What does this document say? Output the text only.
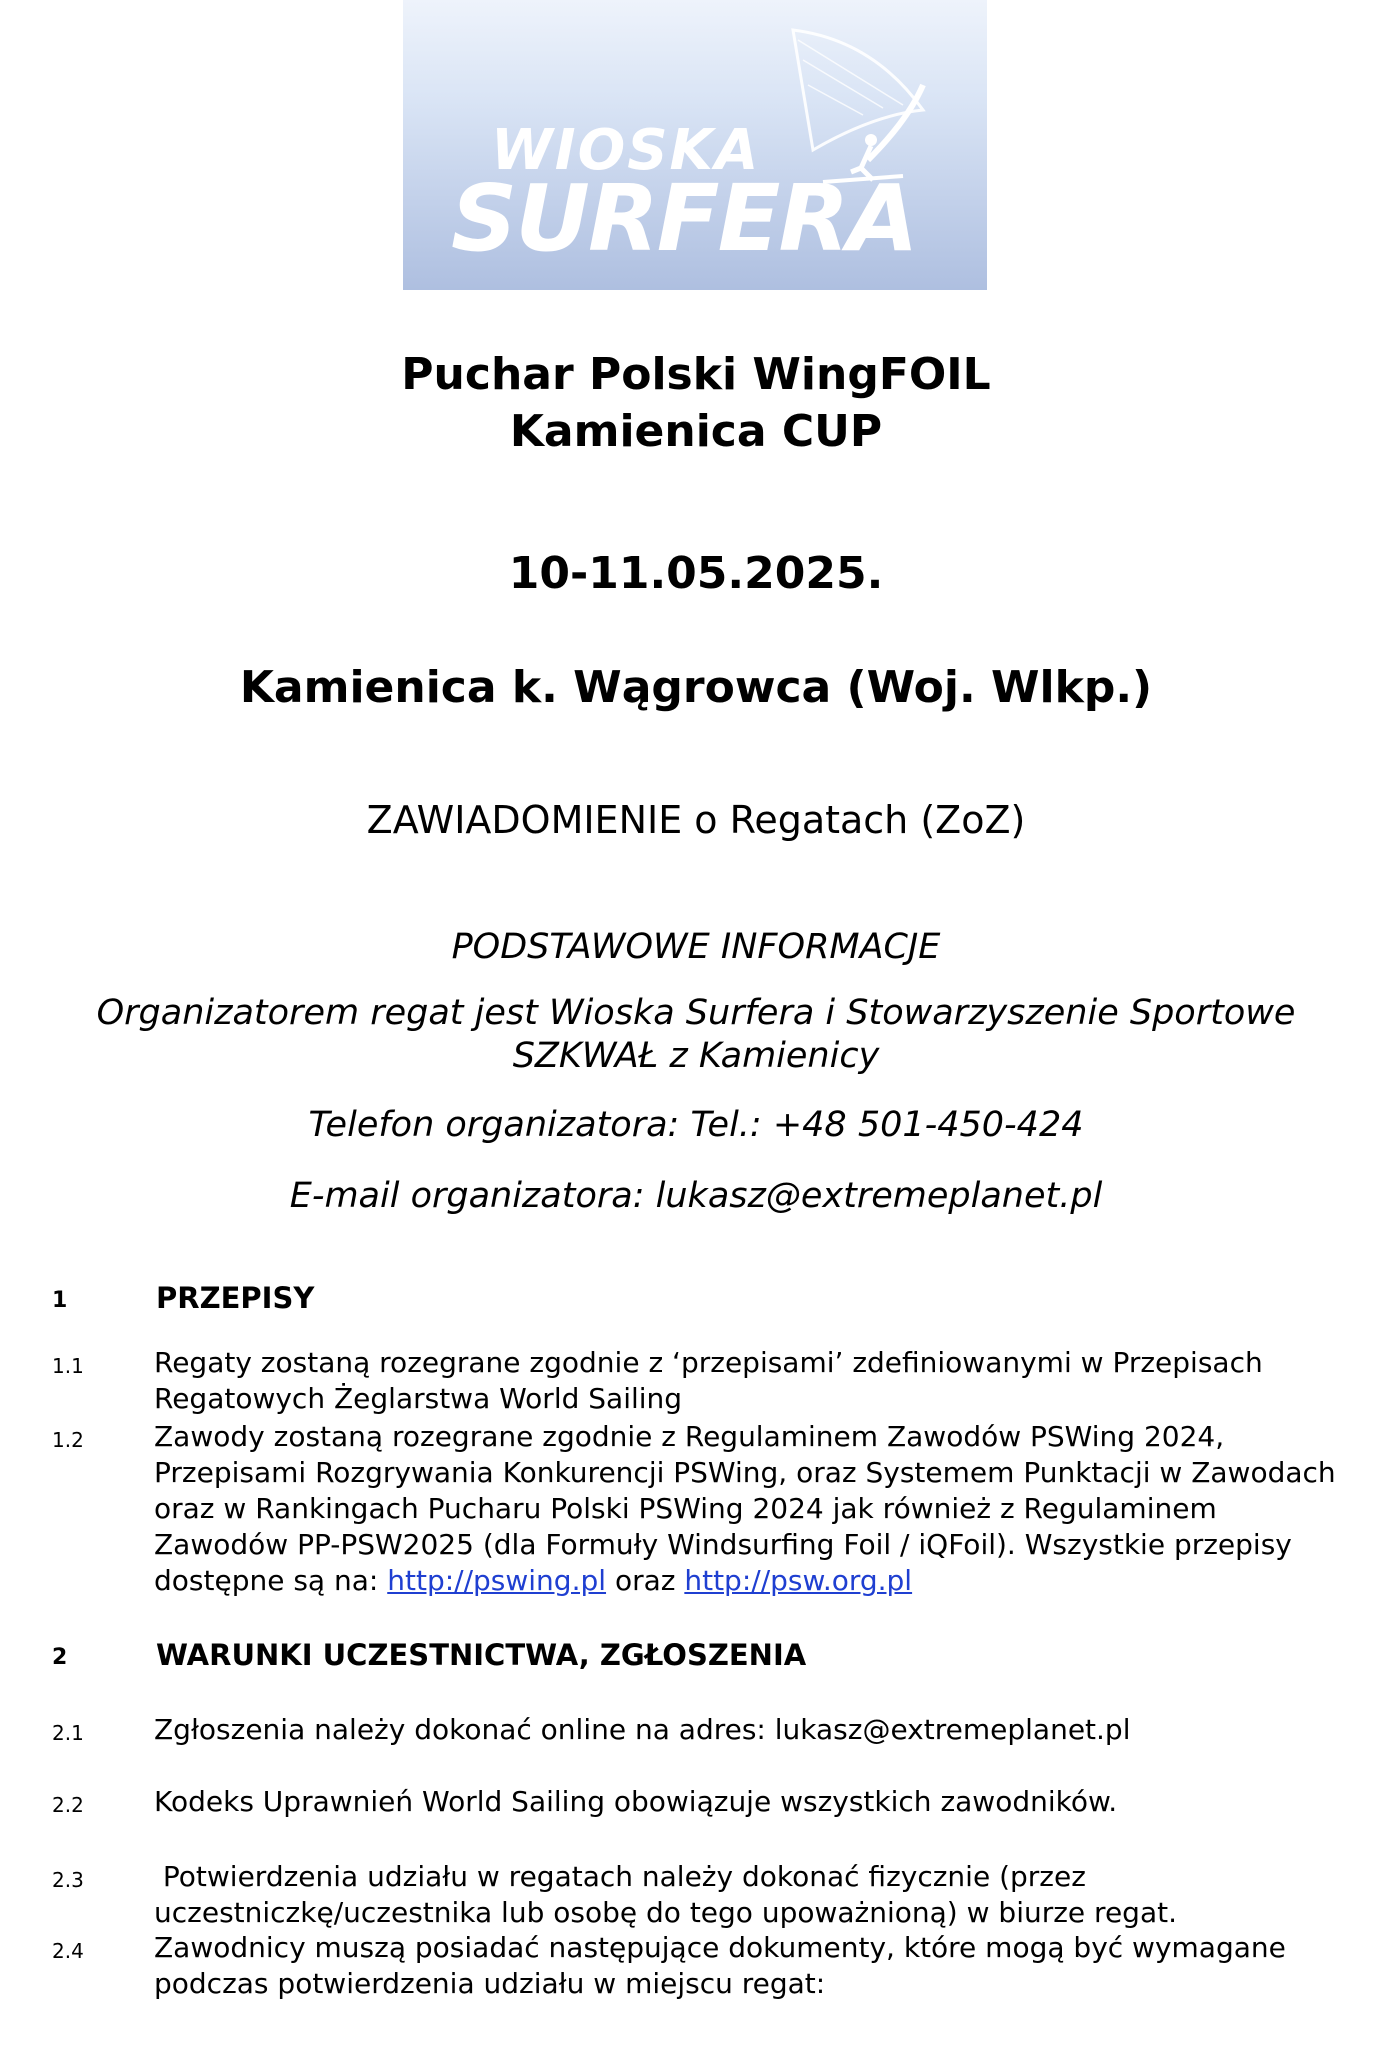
WIOSKA
SURFERA
Puchar Polski WingFOIL
Kamienica CUP
10-11.05.2025.
Kamienica k. Wągrowca (Woj. Wlkp.)
ZAWIADOMIENIE o Regatach (ZoZ)
PODSTAWOWE INFORMACJE
Organizatorem regat jest Wioska Surfera i Stowarzyszenie Sportowe
SZKWAŁ z Kamienicy
Telefon organizatora: Tel.: +48 501-450-424
E-mail organizatora: lukasz@extremeplanet.pl
1	PRZEPISY
1.1	Regaty zostaną rozegrane zgodnie z ‘przepisami’ zdefiniowanymi w Przepisach Regatowych Żeglarstwa World Sailing
1.2	Zawody zostaną rozegrane zgodnie z Regulaminem Zawodów PSWing 2024, Przepisami Rozgrywania Konkurencji PSWing, oraz Systemem Punktacji w Zawodach oraz w Rankingach Pucharu Polski PSWing 2024 jak również z Regulaminem Zawodów PP-PSW2025 (dla Formuły Windsurfing Foil / iQFoil). Wszystkie przepisy dostępne są na: http://pswing.pl oraz http://psw.org.pl
2	WARUNKI UCZESTNICTWA, ZGŁOSZENIA
2.1	Zgłoszenia należy dokonać online na adres: lukasz@extremeplanet.pl
2.2	Kodeks Uprawnień World Sailing obowiązuje wszystkich zawodników.
2.3	Potwierdzenia udziału w regatach należy dokonać fizycznie (przez uczestniczkę/uczestnika lub osobę do tego upoważnioną) w biurze regat.
2.4	Zawodnicy muszą posiadać następujące dokumenty, które mogą być wymagane podczas potwierdzenia udziału w miejscu regat:
